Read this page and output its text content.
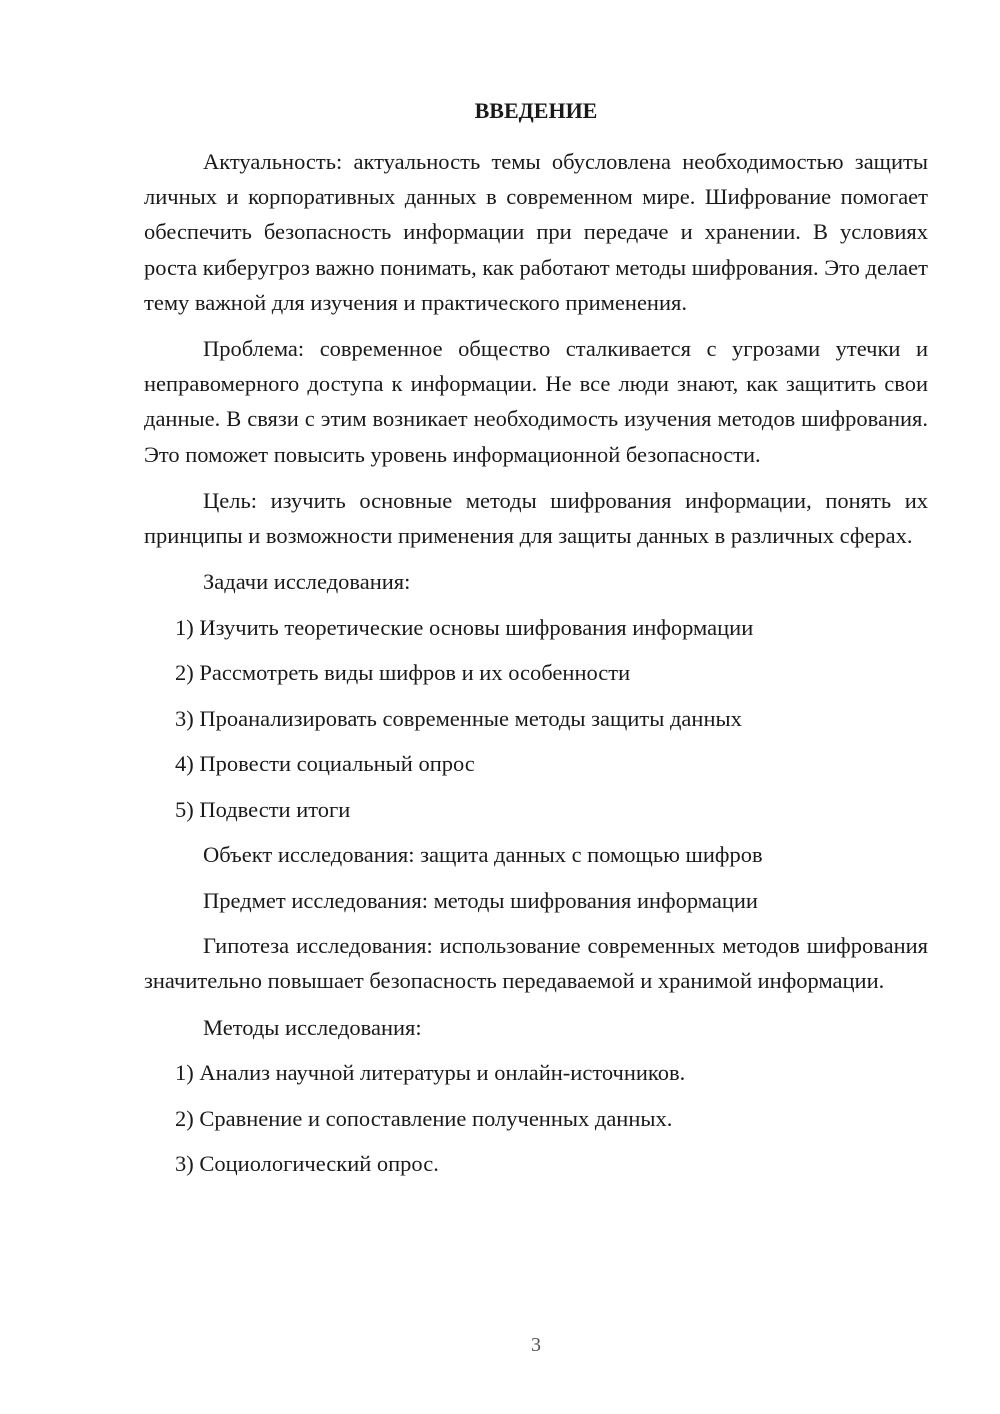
ВВЕДЕНИЕ

Актуальность: актуальность темы обусловлена необходимостью защиты личных и корпоративных данных в современном мире. Шифрование помогает обеспечить безопасность информации при передаче и хранении. В условиях роста киберугроз важно понимать, как работают методы шифрования. Это делает тему важной для изучения и практического применения.

Проблема: современное общество сталкивается с угрозами утечки и неправомерного доступа к информации. Не все люди знают, как защитить свои данные. В связи с этим возникает необходимость изучения методов шифрования. Это поможет повысить уровень информационной безопасности.

Цель: изучить основные методы шифрования информации, понять их принципы и возможности применения для защиты данных в различных сферах.

Задачи исследования:
1) Изучить теоретические основы шифрования информации
2) Рассмотреть виды шифров и их особенности
3) Проанализировать современные методы защиты данных
4) Провести социальный опрос
5) Подвести итоги
Объект исследования: защита данных с помощью шифров
Предмет исследования: методы шифрования информации

Гипотеза исследования: использование современных методов шифрования значительно повышает безопасность передаваемой и хранимой информации.

Методы исследования:
1) Анализ научной литературы и онлайн-источников.
2) Сравнение и сопоставление полученных данных.
3) Социологический опрос.
3
